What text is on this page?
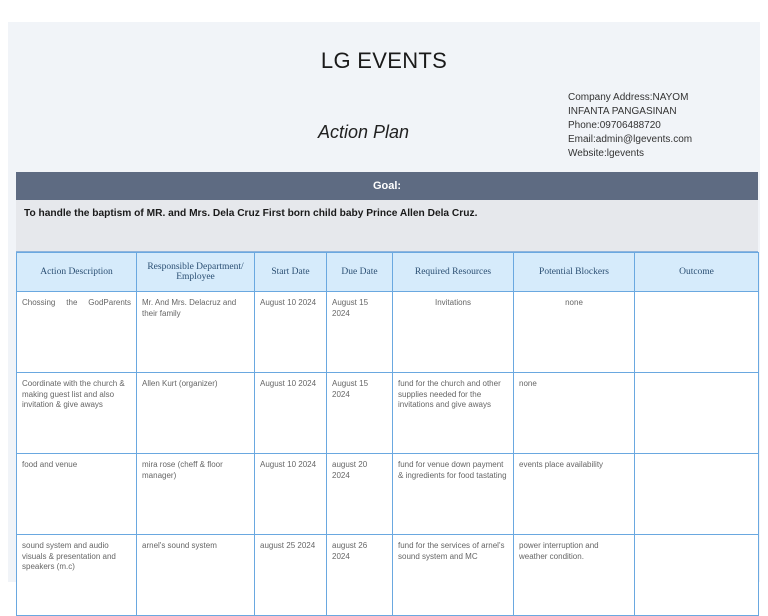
LG EVENTS
Action Plan
Company Address:NAYOM
INFANTA PANGASINAN
Phone:09706488720
Email:admin@lgevents.com
Website:lgevents
Goal:
To handle the baptism of MR. and Mrs. Dela Cruz First born child baby Prince Allen Dela Cruz.
Action Description	Responsible Department/ Employee	Start Date	Due Date	Required Resources	Potential Blockers	Outcome
Chossing the GodParents	Mr. And Mrs. Delacruz and their family	August 10 2024	August 15 2024	Invitations	none	
Coordinate with the church & making guest list and also invitation & give aways	Allen Kurt (organizer)	August 10 2024	August 15 2024	fund for the church and other supplies needed for the invitations and give aways	none	
food and venue	mira rose (cheff & floor manager)	August 10 2024	august 20 2024	fund for venue down payment & ingredients for food tastating	events place availability	
sound system and audio visuals & presentation and speakers (m.c)	arnel's sound system	august 25 2024	august 26 2024	fund for the services of arnel's sound system and MC	power interruption and weather condition.	
